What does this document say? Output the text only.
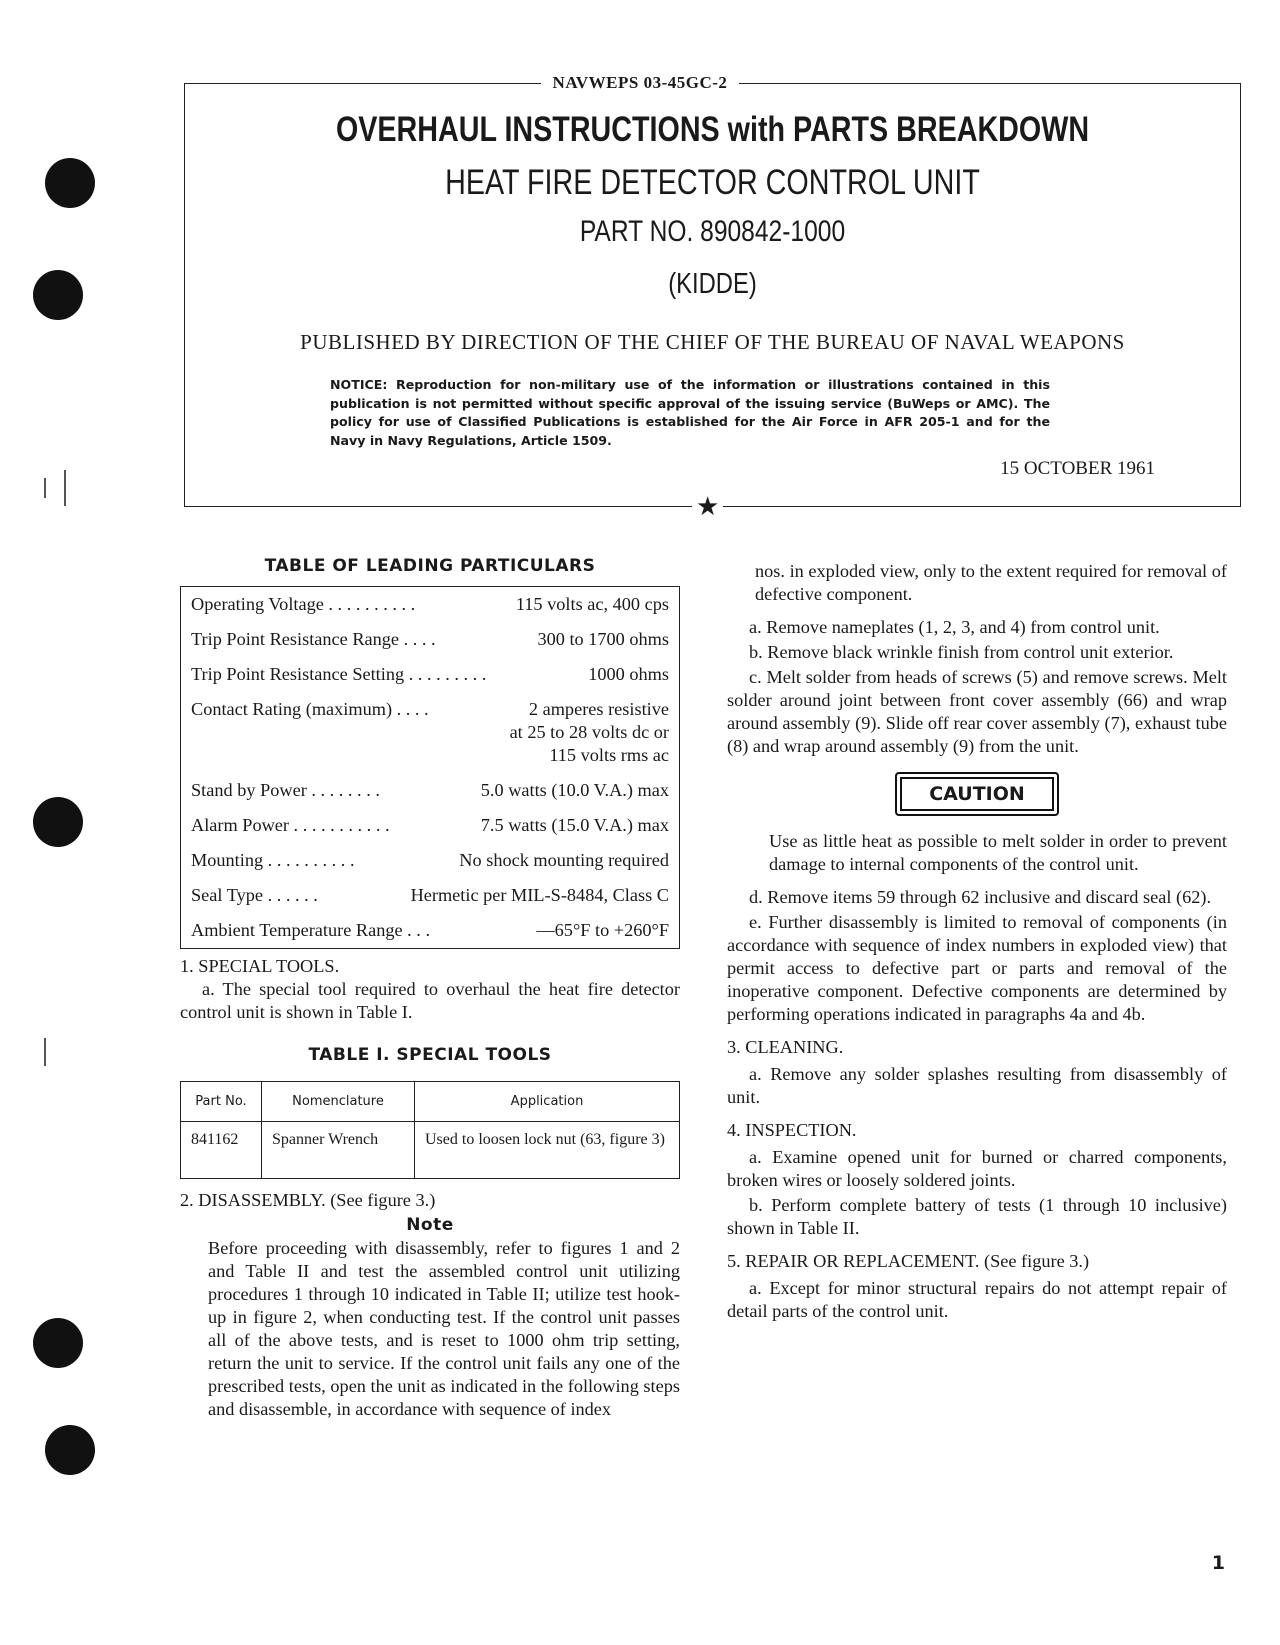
NAVWEPS 03-45GC-2
OVERHAUL INSTRUCTIONS with PARTS BREAKDOWN
HEAT FIRE DETECTOR CONTROL UNIT
PART NO. 890842-1000
(KIDDE)
PUBLISHED BY DIRECTION OF THE CHIEF OF THE BUREAU OF NAVAL WEAPONS
NOTICE: Reproduction for non-military use of the information or illustrations contained in this publication is not permitted without specific approval of the issuing service (BuWeps or AMC). The policy for use of Classified Publications is established for the Air Force in AFR 205-1 and for the Navy in Navy Regulations, Article 1509.
15 OCTOBER 1961
★
TABLE OF LEADING PARTICULARS
Operating Voltage . . . . . . . . . .	115 volts ac, 400 cps
Trip Point Resistance Range . . . .	300 to 1700 ohms
Trip Point Resistance Setting . . . . . . . . .	1000 ohms
Contact Rating (maximum) . . . .	2 amperes resistive
at 25 to 28 volts dc or
115 volts rms ac
Stand by Power . . . . . . . .	5.0 watts (10.0 V.A.) max
Alarm Power . . . . . . . . . . .	7.5 watts (15.0 V.A.) max
Mounting . . . . . . . . . .	No shock mounting required
Seal Type . . . . . .	Hermetic per MIL-S-8484, Class C
Ambient Temperature Range . . .	—65°F to +260°F

1. SPECIAL TOOLS.

a. The special tool required to overhaul the heat fire detector control unit is shown in Table I.

TABLE I. SPECIAL TOOLS
Part No.	Nomenclature	Application
841162	Spanner Wrench	Used to loosen lock nut (63, figure 3)

2. DISASSEMBLY. (See figure 3.)

Note

Before proceeding with disassembly, refer to figures 1 and 2 and Table II and test the assembled control unit utilizing procedures 1 through 10 indicated in Table II; utilize test hook-up in figure 2, when conducting test. If the control unit passes all of the above tests, and is reset to 1000 ohm trip setting, return the unit to service. If the control unit fails any one of the prescribed tests, open the unit as indicated in the following steps and disassemble, in accordance with sequence of index

nos. in exploded view, only to the extent required for removal of defective component.

a. Remove nameplates (1, 2, 3, and 4) from control unit.

b. Remove black wrinkle finish from control unit exterior.

c. Melt solder from heads of screws (5) and remove screws. Melt solder around joint between front cover assembly (66) and wrap around assembly (9). Slide off rear cover assembly (7), exhaust tube (8) and wrap around assembly (9) from the unit.

CAUTION

Use as little heat as possible to melt solder in order to prevent damage to internal components of the control unit.

d. Remove items 59 through 62 inclusive and discard seal (62).

e. Further disassembly is limited to removal of components (in accordance with sequence of index numbers in exploded view) that permit access to defective part or parts and removal of the inoperative component. Defective components are determined by performing operations indicated in paragraphs 4a and 4b.

3. CLEANING.

a. Remove any solder splashes resulting from disassembly of unit.

4. INSPECTION.

a. Examine opened unit for burned or charred components, broken wires or loosely soldered joints.

b. Perform complete battery of tests (1 through 10 inclusive) shown in Table II.

5. REPAIR OR REPLACEMENT. (See figure 3.)

a. Except for minor structural repairs do not attempt repair of detail parts of the control unit.

1
